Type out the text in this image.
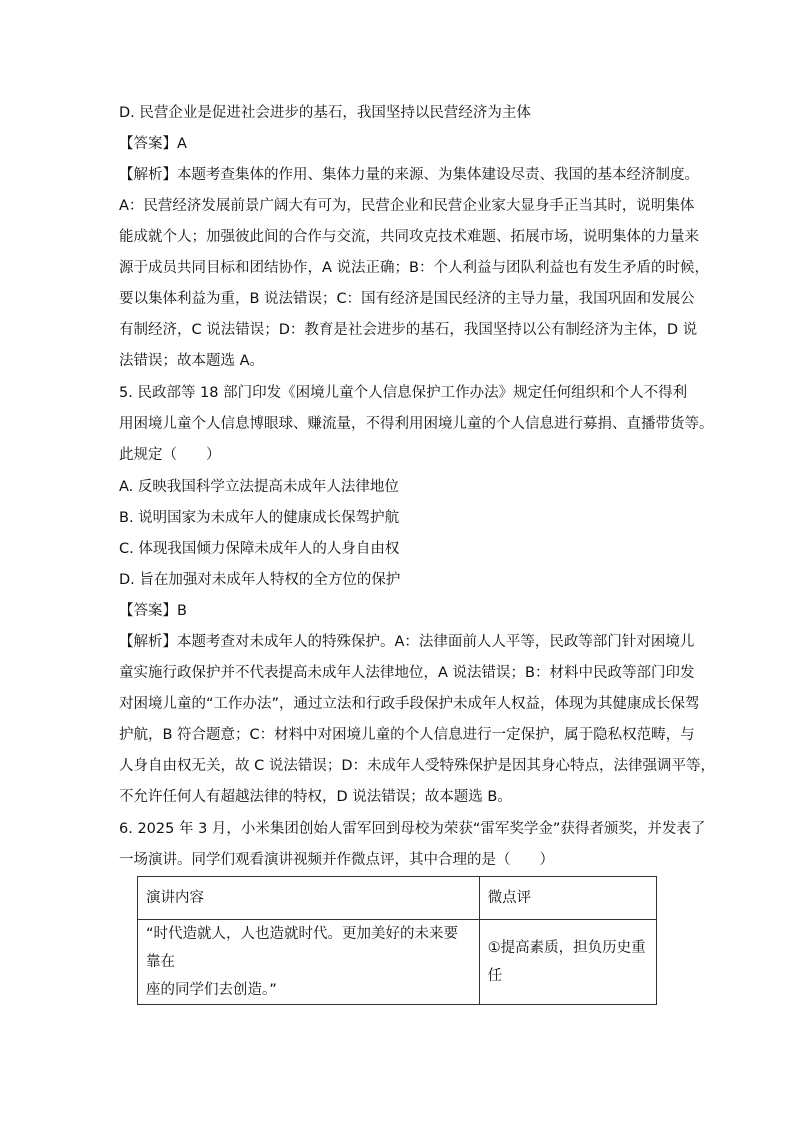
D. 民营企业是促进社会进步的基石，我国坚持以民营经济为主体
【答案】A
【解析】本题考查集体的作用、集体力量的来源、为集体建设尽责、我国的基本经济制度。
A：民营经济发展前景广阔大有可为，民营企业和民营企业家大显身手正当其时，说明集体
能成就个人；加强彼此间的合作与交流，共同攻克技术难题、拓展市场，说明集体的力量来
源于成员共同目标和团结协作，A 说法正确；B：个人利益与团队利益也有发生矛盾的时候，
要以集体利益为重，B 说法错误；C：国有经济是国民经济的主导力量，我国巩固和发展公
有制经济，C 说法错误；D：教育是社会进步的基石，我国坚持以公有制经济为主体，D 说
法错误；故本题选 A。
5. 民政部等 18 部门印发《困境儿童个人信息保护工作办法》规定任何组织和个人不得利
用困境儿童个人信息博眼球、赚流量，不得利用困境儿童的个人信息进行募捐、直播带货等。
此规定（　　）
A. 反映我国科学立法提高未成年人法律地位
B. 说明国家为未成年人的健康成长保驾护航
C. 体现我国倾力保障未成年人的人身自由权
D. 旨在加强对未成年人特权的全方位的保护
【答案】B
【解析】本题考查对未成年人的特殊保护。A：法律面前人人平等，民政等部门针对困境儿
童实施行政保护并不代表提高未成年人法律地位，A 说法错误；B：材料中民政等部门印发
对困境儿童的“工作办法”，通过立法和行政手段保护未成年人权益，体现为其健康成长保驾
护航，B 符合题意；C：材料中对困境儿童的个人信息进行一定保护，属于隐私权范畴，与
人身自由权无关，故 C 说法错误；D：未成年人受特殊保护是因其身心特点，法律强调平等，
不允许任何人有超越法律的特权，D 说法错误；故本题选 B。
6. 2025 年 3 月，小米集团创始人雷军回到母校为荣获“雷军奖学金”获得者颁奖，并发表了
一场演讲。同学们观看演讲视频并作微点评，其中合理的是（　　）
演讲内容	微点评

“时代造就人，人也造就时代。更加美好的未来要靠在
座的同学们去创造。”	①提高素质，担负历史重任
